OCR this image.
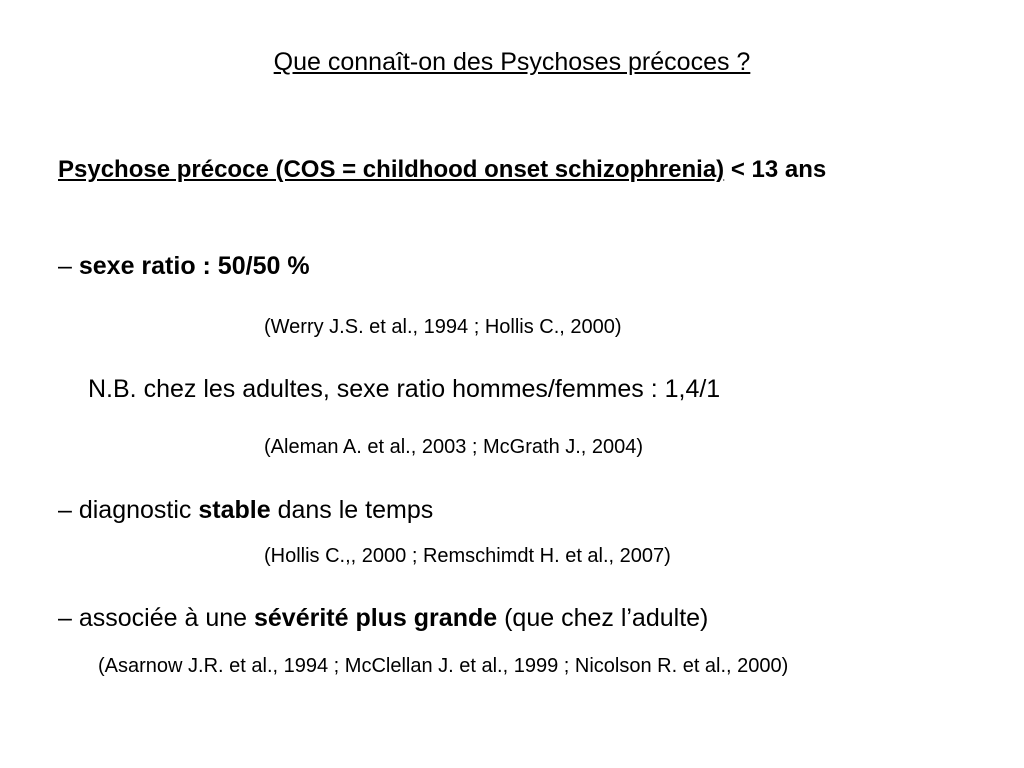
Que connaît-on des Psychoses précoces ?
Psychose précoce (COS = childhood onset schizophrenia) < 13 ans
– sexe ratio : 50/50 %
(Werry J.S. et al., 1994 ; Hollis C., 2000)
N.B. chez les adultes, sexe ratio hommes/femmes : 1,4/1
(Aleman A. et al., 2003 ; McGrath J., 2004)
– diagnostic stable dans le temps
(Hollis C.,, 2000 ; Remschimdt H. et al., 2007)
– associée à une sévérité plus grande (que chez l’adulte)
(Asarnow J.R. et al., 1994 ; McClellan J. et al., 1999 ; Nicolson R. et al., 2000)
